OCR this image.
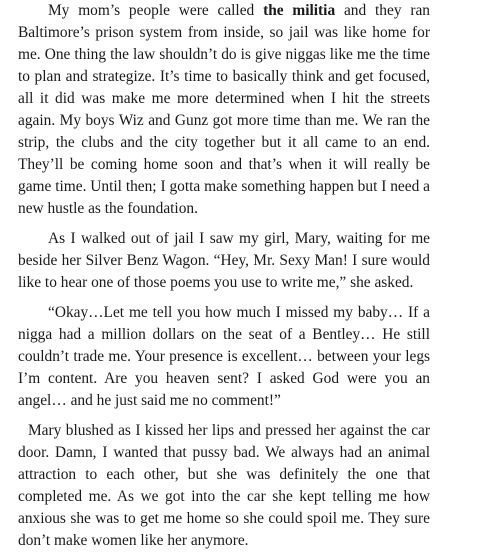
My mom’s people were called the militia and they ran Baltimore’s prison system from inside, so jail was like home for me. One thing the law shouldn’t do is give niggas like me the time to plan and strategize. It’s time to basically think and get focused, all it did was make me more determined when I hit the streets again. My boys Wiz and Gunz got more time than me. We ran the strip, the clubs and the city together but it all came to an end. They’ll be coming home soon and that’s when it will really be game time. Until then; I gotta make something happen but I need a new hustle as the foundation.

As I walked out of jail I saw my girl, Mary, waiting for me beside her Silver Benz Wagon. “Hey, Mr. Sexy Man! I sure would like to hear one of those poems you use to write me,” she asked.

“Okay…Let me tell you how much I missed my baby… If a nigga had a million dollars on the seat of a Bentley… He still couldn’t trade me. Your presence is excellent… between your legs I’m content. Are you heaven sent? I asked God were you an angel… and he just said me no comment!”

Mary blushed as I kissed her lips and pressed her against the car door. Damn, I wanted that pussy bad. We always had an animal attraction to each other, but she was definitely the one that completed me. As we got into the car she kept telling me how anxious she was to get me home so she could spoil me. They sure don’t make women like her anymore.
